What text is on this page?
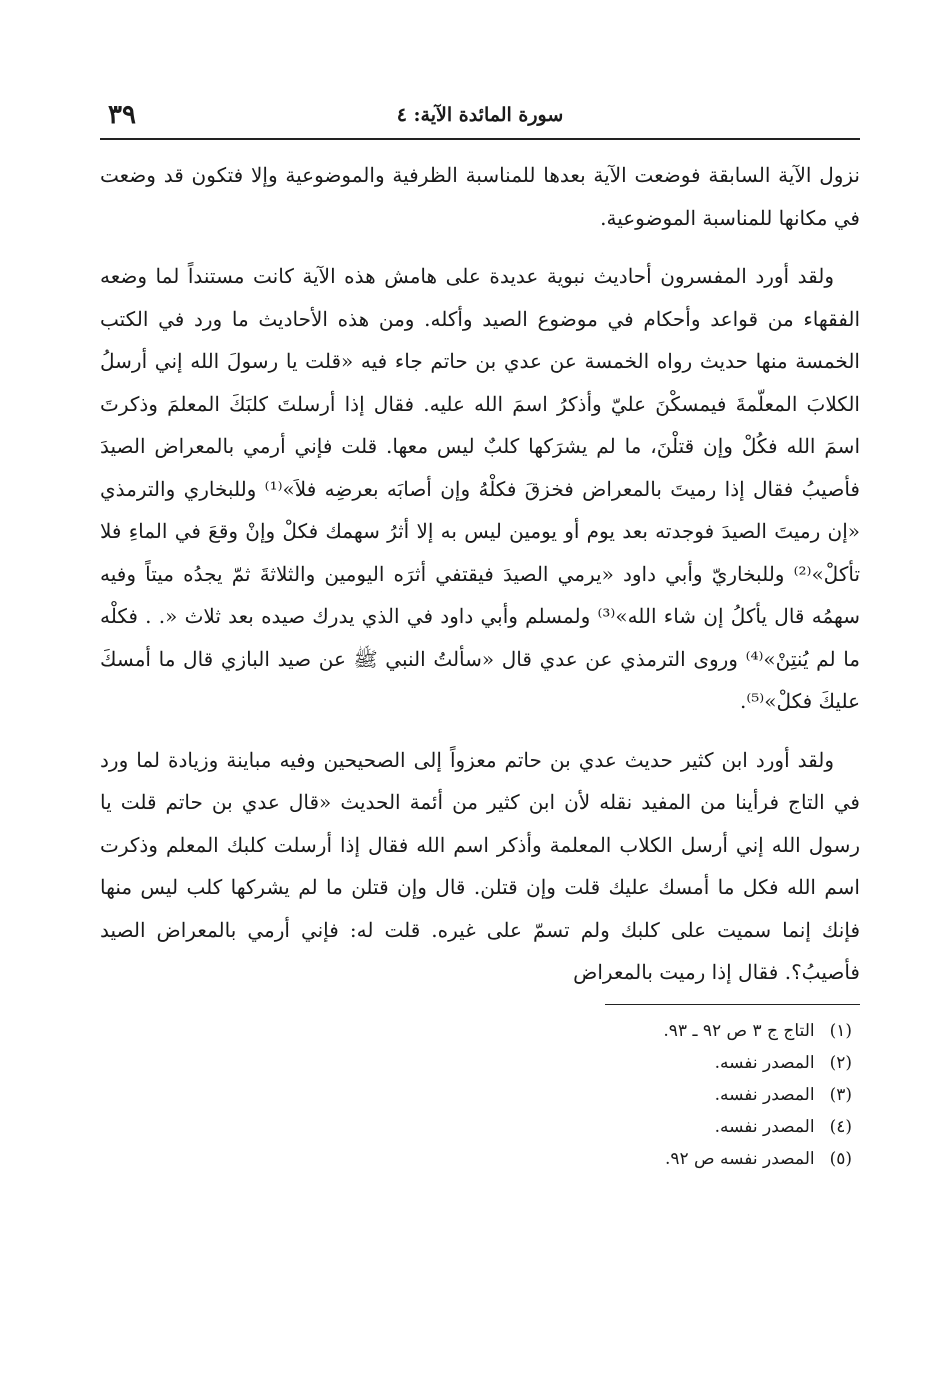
سورة المائدة الآية: ٤
٣٩

نزول الآية السابقة فوضعت الآية بعدها للمناسبة الظرفية والموضوعية وإلا فتكون قد وضعت في مكانها للمناسبة الموضوعية.

ولقد أورد المفسرون أحاديث نبوية عديدة على هامش هذه الآية كانت مستنداً لما وضعه الفقهاء من قواعد وأحكام في موضوع الصيد وأكله. ومن هذه الأحاديث ما ورد في الكتب الخمسة منها حديث رواه الخمسة عن عدي بن حاتم جاء فيه «قلت يا رسولَ الله إني أرسلُ الكلابَ المعلّمةَ فيمسكْنَ عليّ وأذكرُ اسمَ الله عليه. فقال إذا أرسلتَ كلبَكَ المعلمَ وذكرتَ اسمَ الله فكُلْ وإن قتلْنَ، ما لم يشرَكها كلبٌ ليس معها. قلت فإني أرمي بالمعراض الصيدَ فأصيبُ فقال إذا رميتَ بالمعراض فخزقَ فكلْهُ وإن أصابَه بعرضِه فلاَ»⁽¹⁾ وللبخاري والترمذي «إن رميتَ الصيدَ فوجدته بعد يوم أو يومين ليس به إلا أثرُ سهمك فكلْ وإنْ وقعَ في الماءِ فلا تأكلْ»⁽²⁾ وللبخاريّ وأبي داود «يرمي الصيدَ فيقتفي أثرَه اليومين والثلاثةَ ثمّ يجدُه ميتاً وفيه سهمُه قال يأكلُ إن شاء الله»⁽³⁾ ولمسلم وأبي داود في الذي يدرك صيده بعد ثلاث «. . فكلْه ما لم يُنتِنْ»⁽⁴⁾ وروى الترمذي عن عدي قال «سألتُ النبي ﷺ عن صيد البازي قال ما أمسكَ عليكَ فكلْ»⁽⁵⁾.

ولقد أورد ابن كثير حديث عدي بن حاتم معزواً إلى الصحيحين وفيه مباينة وزيادة لما ورد في التاج فرأينا من المفيد نقله لأن ابن كثير من أئمة الحديث «قال عدي بن حاتم قلت يا رسول الله إني أرسل الكلاب المعلمة وأذكر اسم الله فقال إذا أرسلت كلبك المعلم وذكرت اسم الله فكل ما أمسك عليك قلت وإن قتلن. قال وإن قتلن ما لم يشركها كلب ليس منها فإنك إنما سميت على كلبك ولم تسمّ على غيره. قلت له: فإني أرمي بالمعراض الصيد فأصيبُ؟. فقال إذا رميت بالمعراض

(١) التاج ج ٣ ص ٩٢ ـ ٩٣.
(٢) المصدر نفسه.
(٣) المصدر نفسه.
(٤) المصدر نفسه.
(٥) المصدر نفسه ص ٩٢.
